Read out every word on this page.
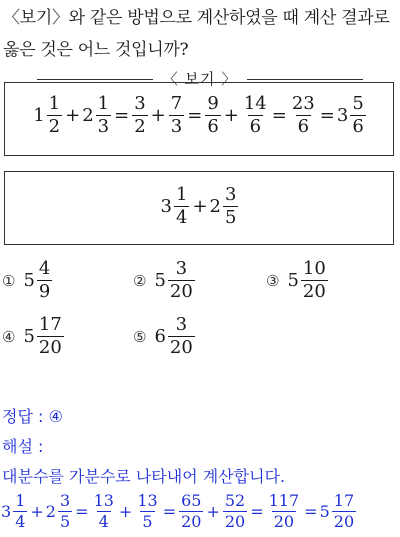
〈보기〉와 같은 방법으로 계산하였을 때 계산 결과로
옳은 것은 어느 것입니까?
〈 보기 〉
$1 \frac{1}{2} + 2 \frac{1}{3} = \frac{3}{2} + \frac{7}{3} = \frac{9}{6} + \frac{14}{6} = \frac{23}{6} = 3 \frac{5}{6}$
$3 \frac{1}{4} + 2 \frac{3}{5}$
① $5 \frac{4}{9}$	② $5 \frac{3}{20}$	③ $5 \frac{10}{20}$
④ $5 \frac{17}{20}$	⑤ $6 \frac{3}{20}$
정답 : ④
해설 :
대분수를 가분수로 나타내어 계산합니다.
$3 \frac{1}{4} + 2 \frac{3}{5} = \frac{13}{4} + \frac{13}{5} = \frac{65}{20} + \frac{52}{20} = \frac{117}{20} = 5 \frac{17}{20}$
